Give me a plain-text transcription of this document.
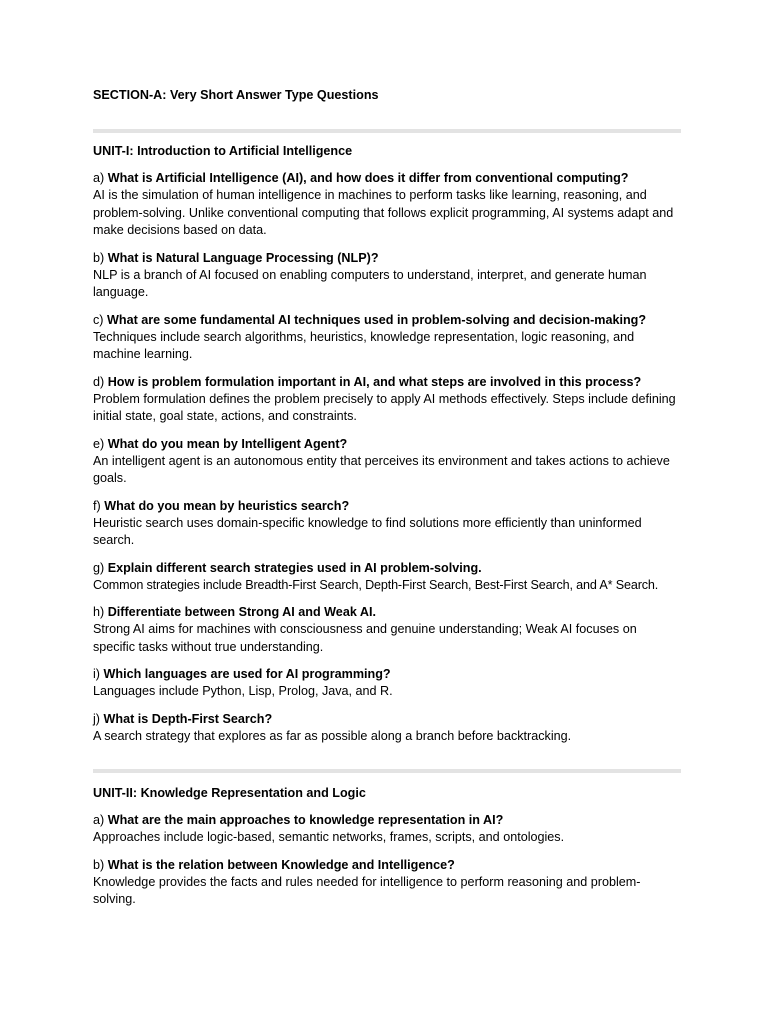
SECTION-A: Very Short Answer Type Questions

UNIT-I: Introduction to Artificial Intelligence

a) What is Artificial Intelligence (AI), and how does it differ from conventional computing?

AI is the simulation of human intelligence in machines to perform tasks like learning, reasoning, and problem-solving. Unlike conventional computing that follows explicit programming, AI systems adapt and make decisions based on data.

b) What is Natural Language Processing (NLP)?

NLP is a branch of AI focused on enabling computers to understand, interpret, and generate human language.

c) What are some fundamental AI techniques used in problem-solving and decision-making?

Techniques include search algorithms, heuristics, knowledge representation, logic reasoning, and machine learning.

d) How is problem formulation important in AI, and what steps are involved in this process?

Problem formulation defines the problem precisely to apply AI methods effectively. Steps include defining initial state, goal state, actions, and constraints.

e) What do you mean by Intelligent Agent?

An intelligent agent is an autonomous entity that perceives its environment and takes actions to achieve goals.

f) What do you mean by heuristics search?

Heuristic search uses domain-specific knowledge to find solutions more efficiently than uninformed search.

g) Explain different search strategies used in AI problem-solving.

Common strategies include Breadth-First Search, Depth-First Search, Best-First Search, and A* Search.

h) Differentiate between Strong AI and Weak AI.

Strong AI aims for machines with consciousness and genuine understanding; Weak AI focuses on specific tasks without true understanding.

i) Which languages are used for AI programming?

Languages include Python, Lisp, Prolog, Java, and R.

j) What is Depth-First Search?

A search strategy that explores as far as possible along a branch before backtracking.

UNIT-II: Knowledge Representation and Logic

a) What are the main approaches to knowledge representation in AI?

Approaches include logic-based, semantic networks, frames, scripts, and ontologies.

b) What is the relation between Knowledge and Intelligence?

Knowledge provides the facts and rules needed for intelligence to perform reasoning and problem-solving.
